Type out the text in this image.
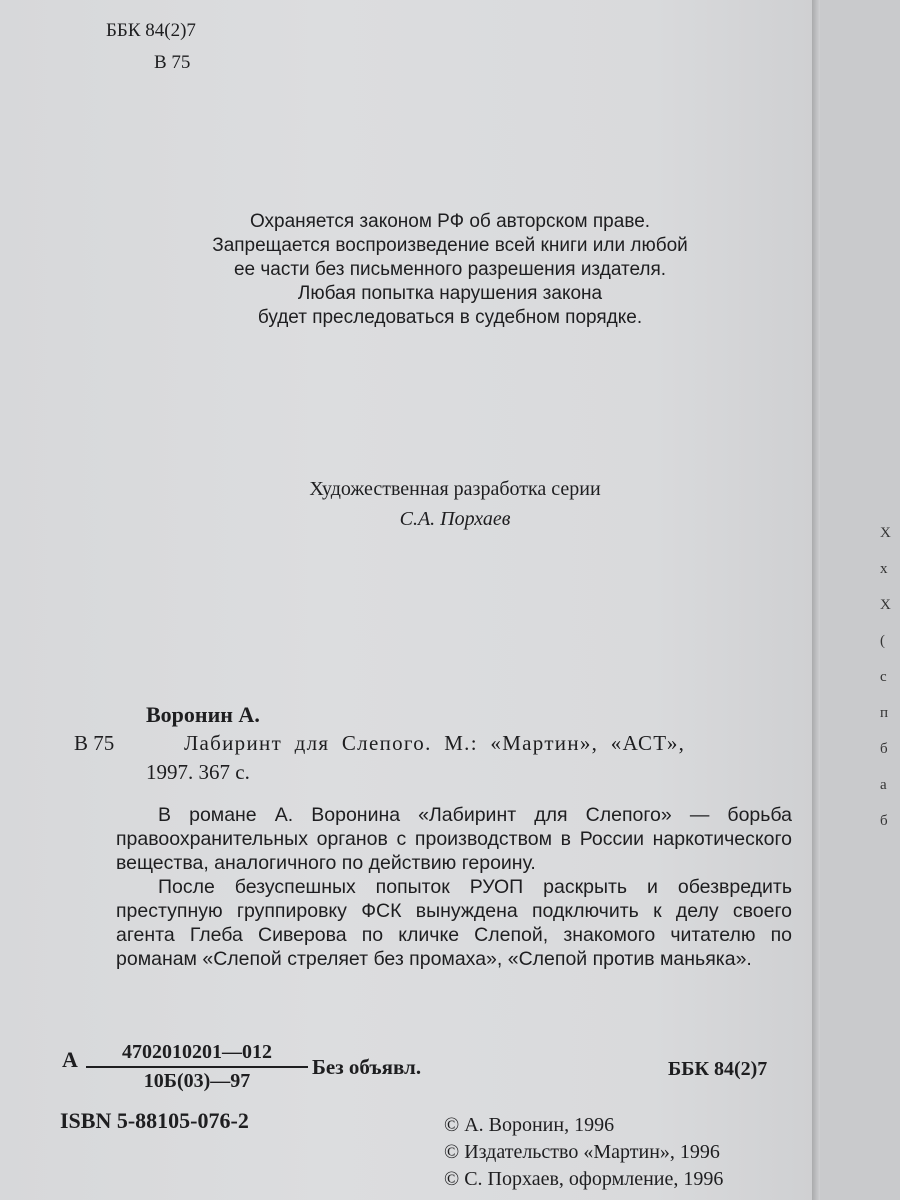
ББК 84(2)7
В 75
Охраняется законом РФ об авторском праве.
Запрещается воспроизведение всей книги или любой
ее части без письменного разрешения издателя.
Любая попытка нарушения закона
будет преследоваться в судебном порядке.
Художественная разработка серии
С.А. Порхаев
Воронин А.
В 75	Лабиринт для Слепого. М.: «Мартин», «АСТ»,
1997. 367 с.
В романе А. Воронина «Лабиринт для Слепого» — борьба правоохранительных органов с производством в России наркотического вещества, аналогичного по действию героину.
После безуспешных попыток РУОП раскрыть и обезвредить преступную группировку ФСК вынуждена подключить к делу своего агента Глеба Сиверова по кличке Слепой, знакомого читателю по романам «Слепой стреляет без промаха», «Слепой против маньяка».
А	4702010201—012
10Б(03)—97
Без объявл.	ББК 84(2)7
ISBN 5-88105-076-2	© А. Воронин, 1996
© Издательство «Мартин», 1996
© С. Порхаев, оформление, 1996
Х
х
Х
(
с
п
б
а
б
